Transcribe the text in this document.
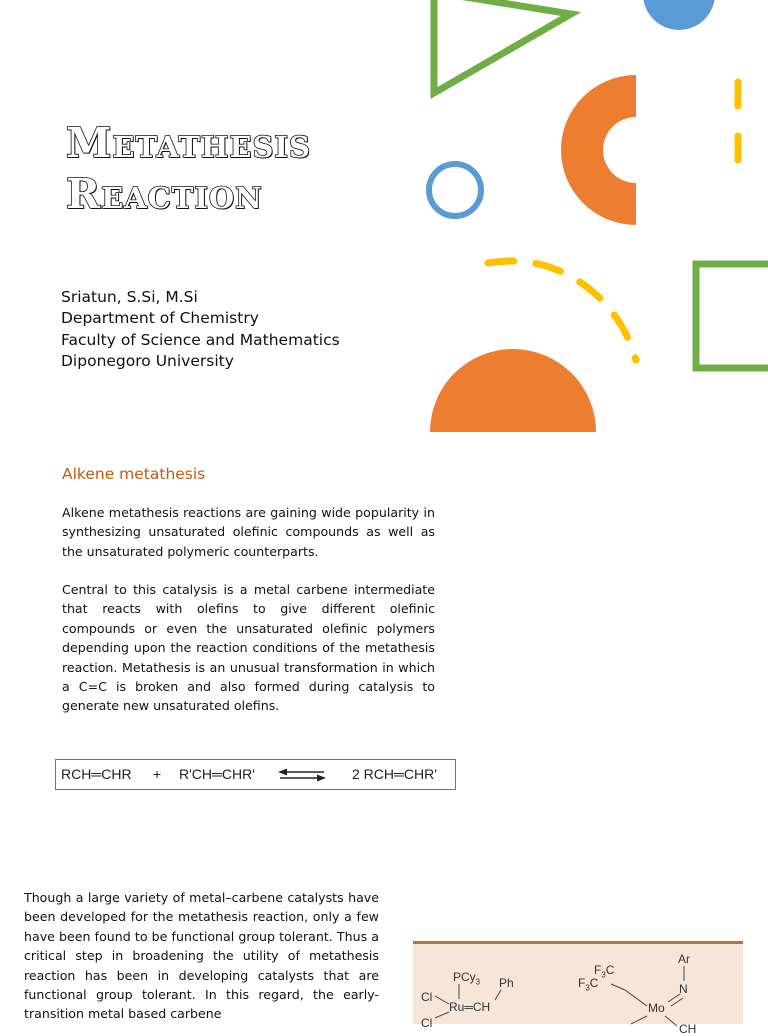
Metathesis
Reaction
Sriatun, S.Si, M.Si
Department of Chemistry
Faculty of Science and Mathematics
Diponegoro University
Alkene metathesis

Alkene metathesis reactions are gaining wide popularity in synthesizing unsaturated olefinic compounds as well as the unsaturated polymeric counterparts.

Central to this catalysis is a metal carbene intermediate that reacts with olefins to give different olefinic compounds or even the unsaturated olefinic polymers depending upon the reaction conditions of the metathesis reaction. Metathesis is an unusual transformation in which a C=C is broken and also formed during catalysis to generate new unsaturated olefins.

RCH═CHR + R'CH═CHR'	2 RCH═CHR'

Though a large variety of metal–carbene catalysts have been developed for the metathesis reaction, only a few have been found to be functional group tolerant. Thus a critical step in broadening the utility of metathesis reaction has been in developing catalysts that are functional group tolerant. In this regard, the early-transition metal based carbene

PCy$_3$ Ph
Cl
Ru═CH
Cl
Ar
N
$F_3C$
$F_3C$
Mo
CH
